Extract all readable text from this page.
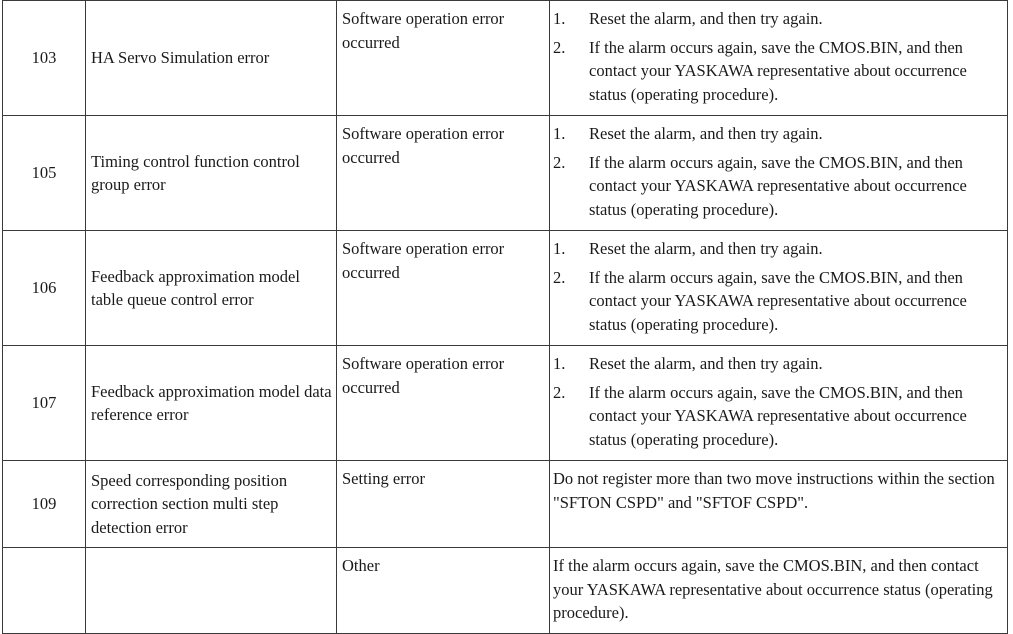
103	HA Servo Simulation error	Software operation error occurred	1. Reset the alarm, and then try again.
2. If the alarm occurs again, save the CMOS.BIN, and then contact your YASKAWA representative about occurrence status (operating procedure).

105	Timing control function control group error	Software operation error occurred	1. Reset the alarm, and then try again.
2. If the alarm occurs again, save the CMOS.BIN, and then contact your YASKAWA representative about occurrence status (operating procedure).

106	Feedback approximation model table queue control error	Software operation error occurred	1. Reset the alarm, and then try again.
2. If the alarm occurs again, save the CMOS.BIN, and then contact your YASKAWA representative about occurrence status (operating procedure).

107	Feedback approximation model data reference error	Software operation error occurred	1. Reset the alarm, and then try again.
2. If the alarm occurs again, save the CMOS.BIN, and then contact your YASKAWA representative about occurrence status (operating procedure).

109	Speed corresponding position correction section multi step detection error	Setting error	Do not register more than two move instructions within the section "SFTON CSPD" and "SFTOF CSPD".

		Other	If the alarm occurs again, save the CMOS.BIN, and then contact your YASKAWA representative about occurrence status (operating procedure).
